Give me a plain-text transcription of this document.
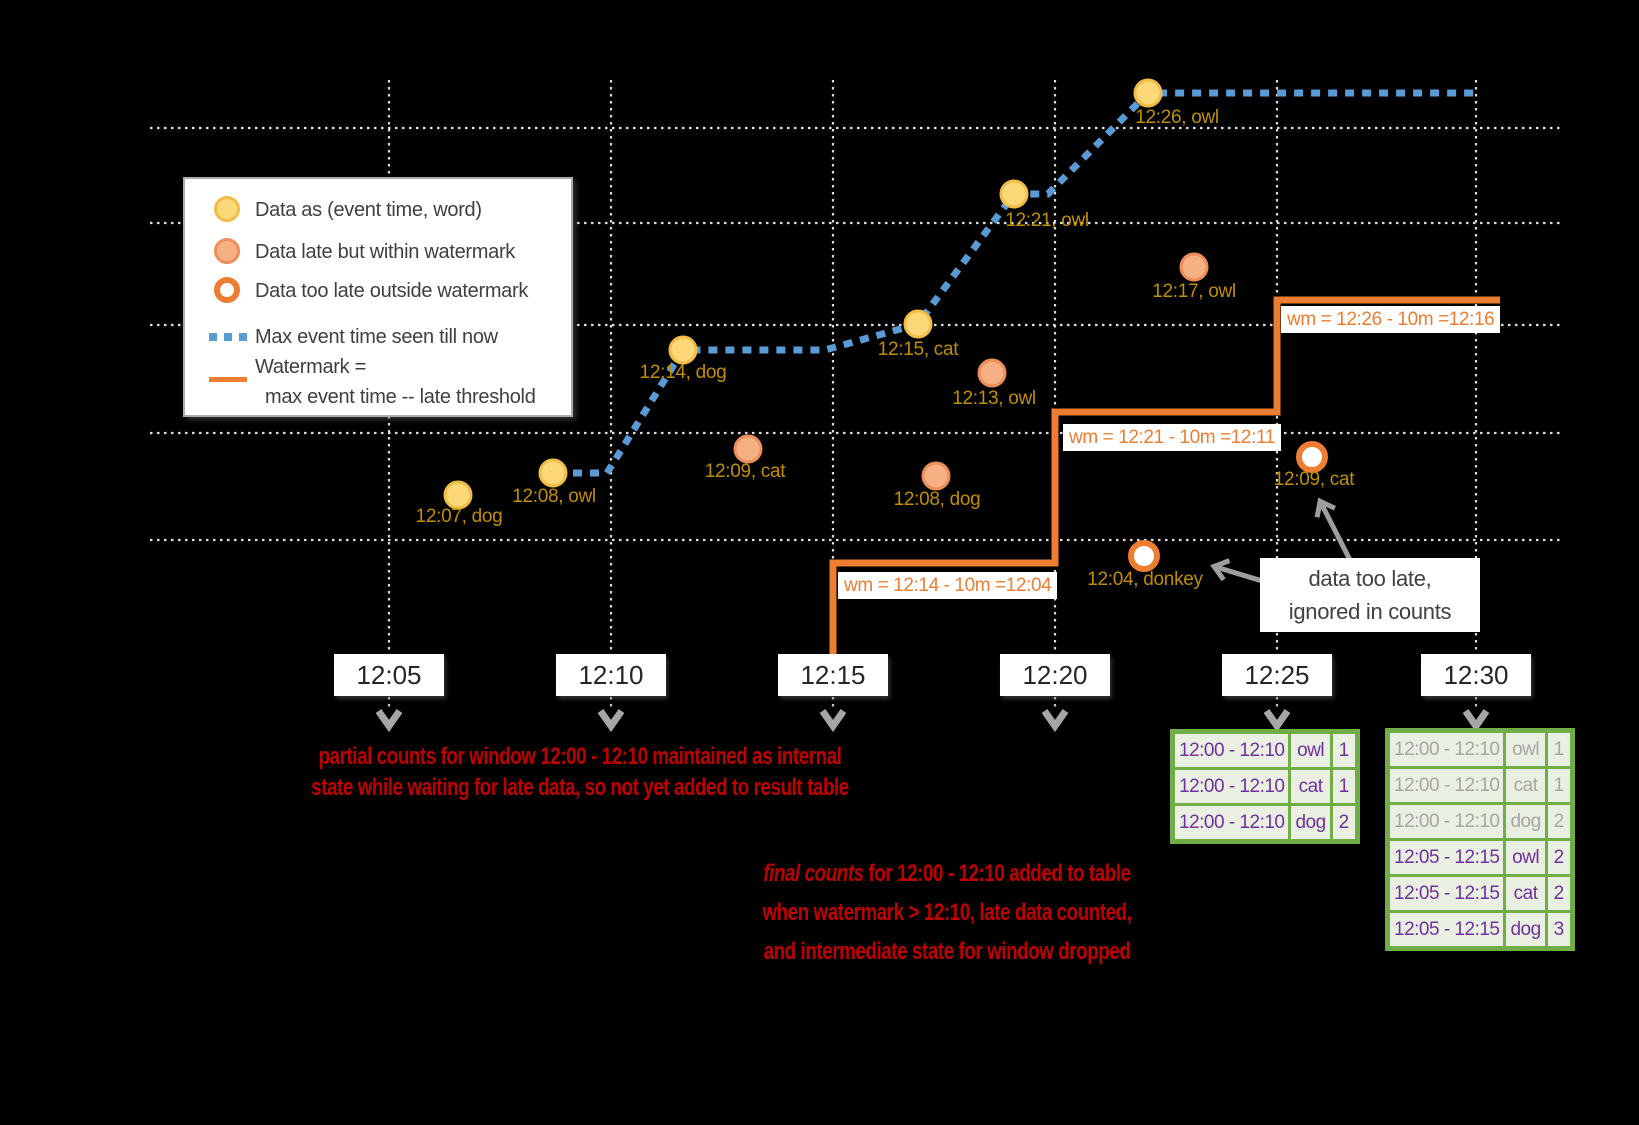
12:07, dog
12:08, owl
12:14, dog
12:09, cat
12:15, cat
12:13, owl
12:08, dog
12:21, owl
12:26, owl
12:17, owl
12:04, donkey
12:09, cat
wm = 12:14 - 10m =12:04
wm = 12:21 - 10m =12:11
wm = 12:26 - 10m =12:16
Data as (event time, word)
Data late but within watermark
Data too late outside watermark
Max event time seen till now
Watermark =
max event time -- late threshold
12:05	12:10	12:15	12:20	12:25	12:30
data too late,
ignored in counts
partial counts for window 12:00 - 12:10 maintained as internal
state while waiting for late data, so not yet added to result table
final counts for 12:00 - 12:10 added to table
when watermark > 12:10, late data counted,
and intermediate state for window dropped
12:00 - 12:10	owl	1
12:00 - 12:10	cat	1
12:00 - 12:10	dog	2
12:00 - 12:10	owl	1
12:00 - 12:10	cat	1
12:00 - 12:10	dog	2
12:05 - 12:15	owl	2
12:05 - 12:15	cat	2
12:05 - 12:15	dog	3
